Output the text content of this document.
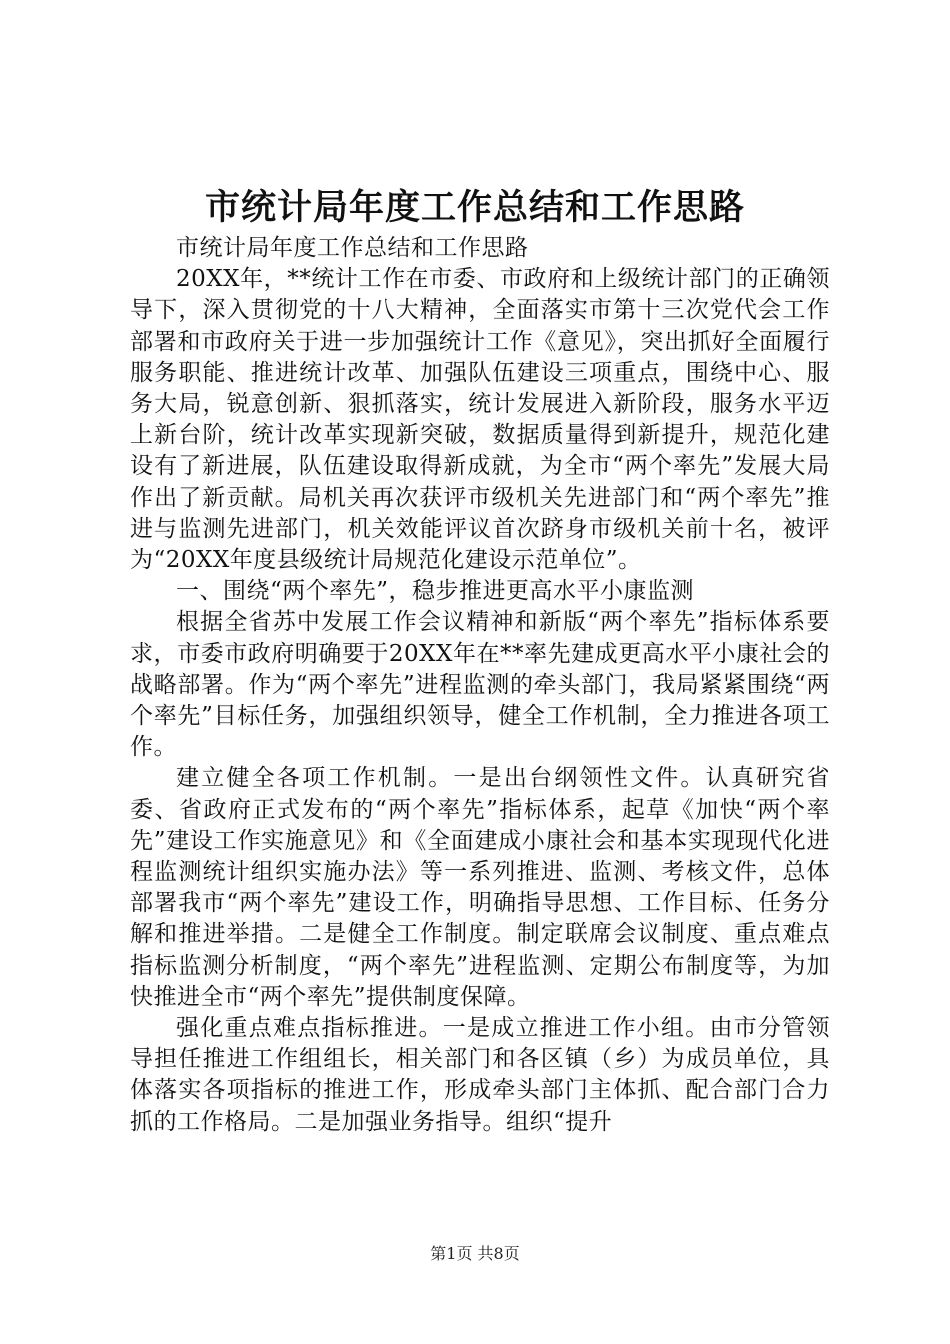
市统计局年度工作总结和工作思路

市统计局年度工作总结和工作思路

20XX年，**统计工作在市委、市政府和上级统计部门的正确领导下，深入贯彻党的十八大精神，全面落实市第十三次党代会工作部署和市政府关于进一步加强统计工作《意见》，突出抓好全面履行服务职能、推进统计改革、加强队伍建设三项重点，围绕中心、服务大局，锐意创新、狠抓落实，统计发展进入新阶段，服务水平迈上新台阶，统计改革实现新突破，数据质量得到新提升，规范化建设有了新进展，队伍建设取得新成就，为全市“两个率先”发展大局作出了新贡献。局机关再次获评市级机关先进部门和“两个率先”推进与监测先进部门，机关效能评议首次跻身市级机关前十名，被评为“20XX年度县级统计局规范化建设示范单位”。

一、围绕“两个率先”，稳步推进更高水平小康监测

根据全省苏中发展工作会议精神和新版“两个率先”指标体系要求，市委市政府明确要于20XX年在**率先建成更高水平小康社会的战略部署。作为“两个率先”进程监测的牵头部门，我局紧紧围绕“两个率先”目标任务，加强组织领导，健全工作机制，全力推进各项工作。

建立健全各项工作机制。一是出台纲领性文件。认真研究省委、省政府正式发布的“两个率先”指标体系，起草《加快“两个率先”建设工作实施意见》和《全面建成小康社会和基本实现现代化进程监测统计组织实施办法》等一系列推进、监测、考核文件，总体部署我市“两个率先”建设工作，明确指导思想、工作目标、任务分解和推进举措。二是健全工作制度。制定联席会议制度、重点难点指标监测分析制度，“两个率先”进程监测、定期公布制度等，为加快推进全市“两个率先”提供制度保障。

强化重点难点指标推进。一是成立推进工作小组。由市分管领导担任推进工作组组长，相关部门和各区镇（乡）为成员单位，具体落实各项指标的推进工作，形成牵头部门主体抓、配合部门合力抓的工作格局。二是加强业务指导。组织“提升

第1页 共8页
